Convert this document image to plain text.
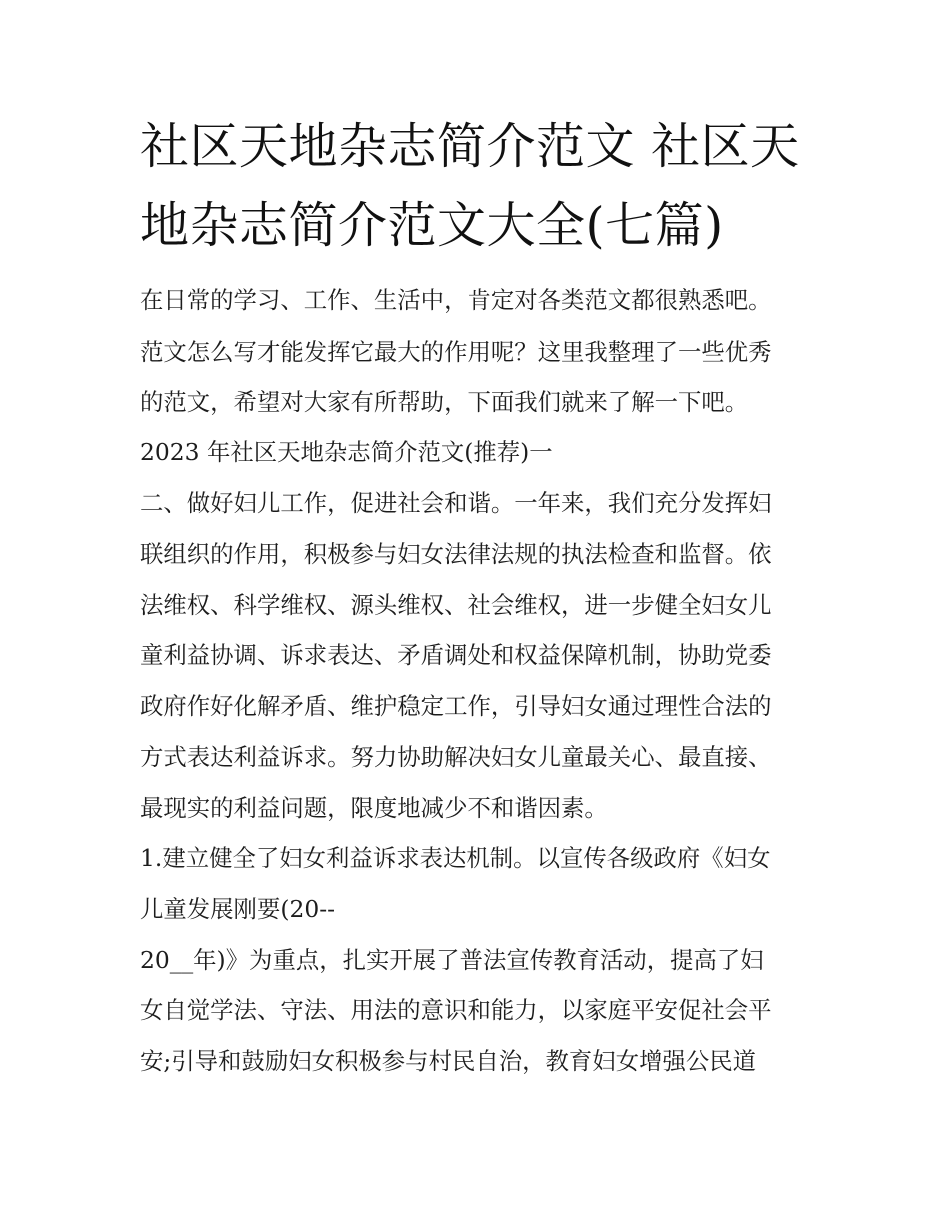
社区天地杂志简介范文 社区天
地杂志简介范文大全(七篇)
在日常的学习、工作、生活中，肯定对各类范文都很熟悉吧。
范文怎么写才能发挥它最大的作用呢？这里我整理了一些优秀
的范文，希望对大家有所帮助，下面我们就来了解一下吧。
2023 年社区天地杂志简介范文(推荐)一
二、做好妇儿工作，促进社会和谐。一年来，我们充分发挥妇
联组织的作用，积极参与妇女法律法规的执法检查和监督。依
法维权、科学维权、源头维权、社会维权，进一步健全妇女儿
童利益协调、诉求表达、矛盾调处和权益保障机制，协助党委
政府作好化解矛盾、维护稳定工作，引导妇女通过理性合法的
方式表达利益诉求。努力协助解决妇女儿童最关心、最直接、
最现实的利益问题，限度地减少不和谐因素。
1.建立健全了妇女利益诉求表达机制。以宣传各级政府《妇女
儿童发展刚要(20--
20__年)》为重点，扎实开展了普法宣传教育活动，提高了妇
女自觉学法、守法、用法的意识和能力，以家庭平安促社会平
安;引导和鼓励妇女积极参与村民自治，教育妇女增强公民道
